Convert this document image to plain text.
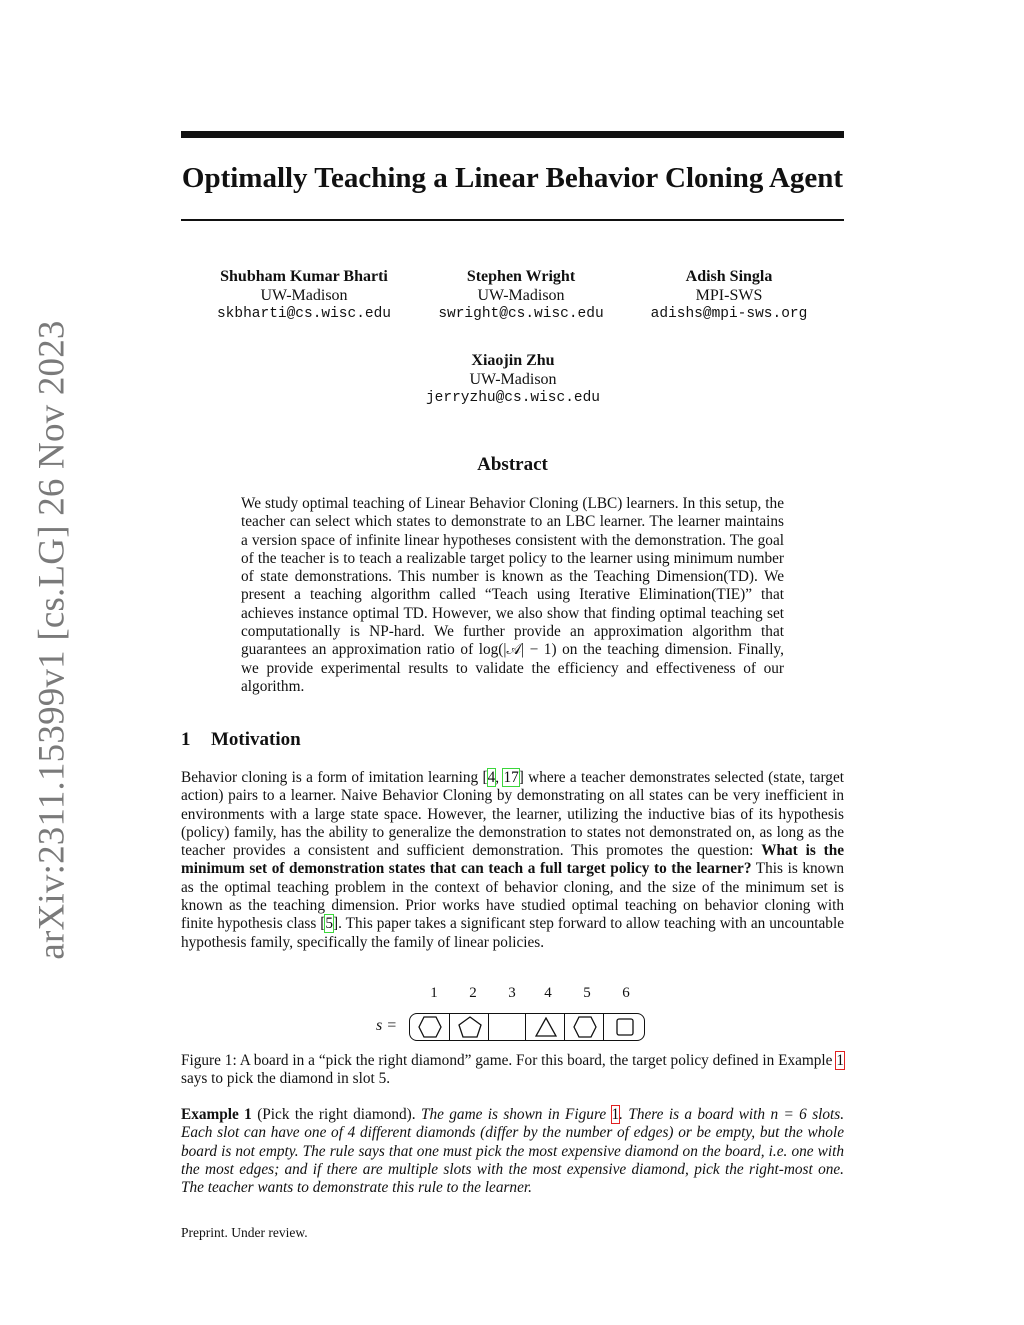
arXiv:2311.15399v1 [cs.LG] 26 Nov 2023
Optimally Teaching a Linear Behavior Cloning Agent
Shubham Kumar Bharti
UW-Madison
skbharti@cs.wisc.edu
Stephen Wright
UW-Madison
swright@cs.wisc.edu
Adish Singla
MPI-SWS
adishs@mpi-sws.org
Xiaojin Zhu
UW-Madison
jerryzhu@cs.wisc.edu
Abstract
We study optimal teaching of Linear Behavior Cloning (LBC) learners. In this setup, the teacher can select which states to demonstrate to an LBC learner. The learner maintains a version space of infinite linear hypotheses consistent with the demonstration. The goal of the teacher is to teach a realizable target policy to the learner using minimum number of state demonstrations. This number is known as the Teaching Dimension(TD). We present a teaching algorithm called “Teach using Iterative Elimination(TIE)” that achieves instance optimal TD. However, we also show that finding optimal teaching set computationally is NP-hard. We further provide an approximation algorithm that guarantees an approximation ratio of log(|𝒜| − 1) on the teaching dimension. Finally, we provide experimental results to validate the efficiency and effectiveness of our algorithm.
1 Motivation
Behavior cloning is a form of imitation learning [4, 17] where a teacher demonstrates selected (state, target action) pairs to a learner. Naive Behavior Cloning by demonstrating on all states can be very inefficient in environments with a large state space. However, the learner, utilizing the inductive bias of its hypothesis (policy) family, has the ability to generalize the demonstration to states not demonstrated on, as long as the teacher provides a consistent and sufficient demonstration. This promotes the question: What is the minimum set of demonstration states that can teach a full target policy to the learner? This is known as the optimal teaching problem in the context of behavior cloning, and the size of the minimum set is known as the teaching dimension. Prior works have studied optimal teaching on behavior cloning with finite hypothesis class [5]. This paper takes a significant step forward to allow teaching with an uncountable hypothesis family, specifically the family of linear policies.
1	2	3	4	5	6
s =
Figure 1: A board in a “pick the right diamond” game. For this board, the target policy defined in Example 1 says to pick the diamond in slot 5.
Example 1 (Pick the right diamond). The game is shown in Figure 1. There is a board with n = 6 slots. Each slot can have one of 4 different diamonds (differ by the number of edges) or be empty, but the whole board is not empty. The rule says that one must pick the most expensive diamond on the board, i.e. one with the most edges; and if there are multiple slots with the most expensive diamond, pick the right-most one. The teacher wants to demonstrate this rule to the learner.
Preprint. Under review.
